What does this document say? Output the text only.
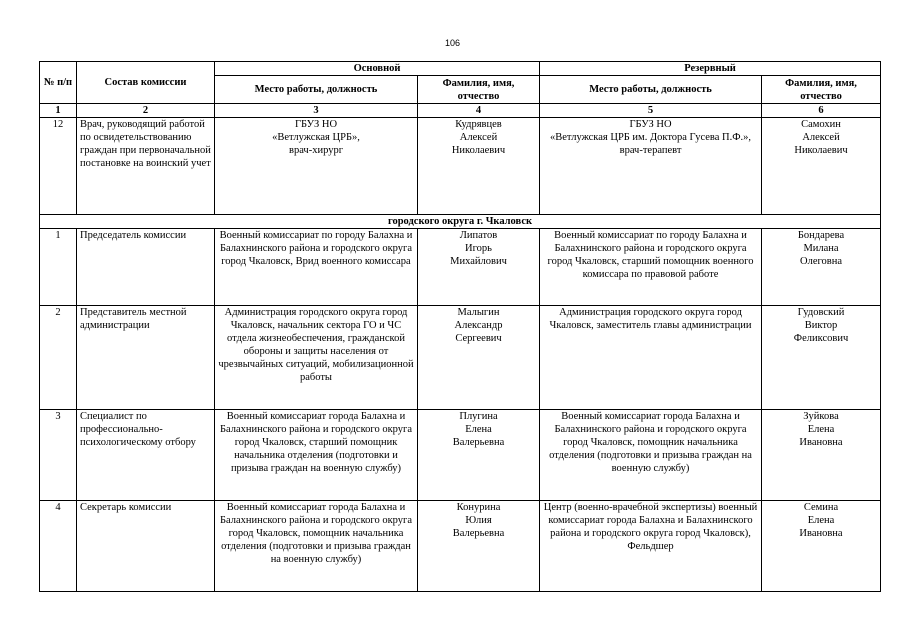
106
№ п/п	Состав комиссии	Основной		Резервный	
		Место работы, должность	Фамилия, имя, отчество	Место работы, должность	Фамилия, имя, отчество
1	2	3	4	5	6
12	Врач, руководящий работой по освидетельствованию граждан при первоначальной постановке на воинский учет	ГБУЗ НО
«Ветлужская ЦРБ»,
врач-хирург	Кудрявцев
Алексей
Николаевич	ГБУЗ НО
«Ветлужская ЦРБ им. Доктора Гусева П.Ф.»,
врач-терапевт	Самохин
Алексей
Николаевич
городского округа г. Чкаловск					
1	Председатель комиссии	Военный комиссариат по городу Балахна и Балахнинского района и городского округа город Чкаловск, Врид военного комиссара	Липатов
Игорь
Михайлович	Военный комиссариат по городу Балахна и Балахнинского района и городского округа город Чкаловск, старший помощник военного комиссара по правовой работе	Бондарева
Милана
Олеговна
2	Представитель местной администрации	Администрация городского округа город Чкаловск, начальник сектора ГО и ЧС отдела жизнеобеспечения, гражданской обороны и защиты населения от чрезвычайных ситуаций, мобилизационной работы	Малыгин
Александр
Сергеевич	Администрация городского округа город Чкаловск, заместитель главы администрации	Гудовский
Виктор
Феликсович
3	Специалист по профессионально-психологическому отбору	Военный комиссариат города Балахна и Балахнинского района и городского округа город Чкаловск, старший помощник начальника отделения (подготовки и призыва граждан на военную службу)	Плугина
Елена
Валерьевна	Военный комиссариат города Балахна и Балахнинского района и городского округа город Чкаловск, помощник начальника отделения (подготовки и призыва граждан на военную службу)	Зуйкова
Елена
Ивановна
4	Секретарь комиссии	Военный комиссариат города Балахна и Балахнинского района и городского округа город Чкаловск, помощник начальника отделения (подготовки и призыва граждан на военную службу)	Конурина
Юлия
Валерьевна	Центр (военно-врачебной экспертизы) военный комиссариат города Балахна и Балахнинского района и городского округа город Чкаловск),
Фельдшер	Семина
Елена
Ивановна
